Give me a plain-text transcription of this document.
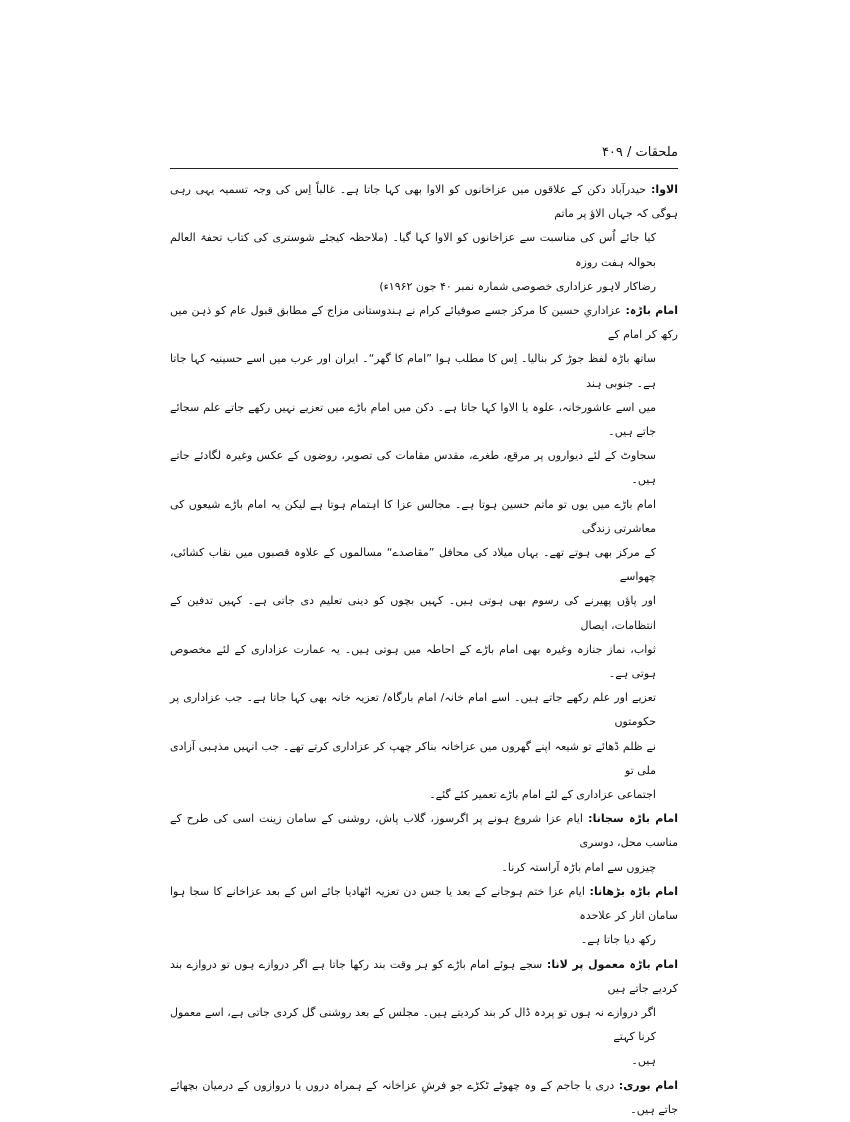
ملحقات / ۴۰۹
الاوا: حیدرآباد دکن کے علاقوں میں عزاخانوں کو الاوا بھی کہا جاتا ہے۔ غالباً اِس کی وجہ تسمیہ یہی رہی ہوگی کہ جہاں الاؤ پر ماتم
کیا جائے اُس کی مناسبت سے عزاخانوں کو الاوا کہا گیا۔ (ملاحظہ کیجئے شوستری کی کتاب تحفۃ العالم بحوالہ ہفت روزہ
رضاکار لاہور عزاداری خصوصی شمارہ نمبر ۴۰ جون ۱۹۶۲ء)
امام باڑہ: عزاداریِ حسین کا مرکز جسے صوفیائے کرام نے ہندوستانی مزاج کے مطابق قبول عام کو ذہن میں رکھ کر امام کے
ساتھ باڑہ لفظ جوڑ کر بنالیا۔ اِس کا مطلب ہوا ”امام کا گھر“۔ ایران اور عرب میں اسے حسینیہ کہا جاتا ہے۔ جنوبی ہند
میں اسے عاشورخانہ، علوہ یا الاوا کہا جاتا ہے۔ دکن میں امام باڑے میں تعزیے نہیں رکھے جاتے علم سجائے جاتے ہیں۔
سجاوٹ کے لئے دیواروں پر مرقع، طغرے، مقدس مقامات کی تصویر، روضوں کے عکس وغیرہ لگادئے جاتے ہیں۔
امام باڑے میں یوں تو ماتم حسین ہوتا ہے۔ مجالس عزا کا اہتمام ہوتا ہے لیکن یہ امام باڑے شیعوں کی معاشرتی زندگی
کے مرکز بھی ہوتے تھے۔ یہاں میلاد کی محافل ”مقاصدے“ مسالموں کے علاوہ قصبوں میں نقاب کشائی، چھواسے
اور پاؤں پھیرنے کی رسوم بھی ہوتی ہیں۔ کہیں بچوں کو دینی تعلیم دی جاتی ہے۔ کہیں تدفین کے انتظامات، ایصال
ثواب، نماز جنازہ وغیرہ بھی امام باڑے کے احاطہ میں ہوتی ہیں۔ یہ عمارت عزاداری کے لئے مخصوص ہوتی ہے۔
تعزیے اور علم رکھے جاتے ہیں۔ اسے امام خانہ/ امام بارگاہ/ تعزیہ خانہ بھی کہا جاتا ہے۔ جب عزاداری پر حکومتوں
نے ظلم ڈھائے تو شیعہ اپنے گھروں میں عزاخانہ بناکر چھپ کر عزاداری کرتے تھے۔ جب انہیں مذہبی آزادی ملی تو
اجتماعی عزاداری کے لئے امام باڑے تعمیر کئے گئے۔
امام باڑہ سجانا: ایام عزا شروع ہونے پر اگرسوز، گلاب پاش، روشنی کے سامان زینت اسی کی طرح کے مناسب محل، دوسری
چیزوں سے امام باڑہ آراستہ کرنا۔
امام باڑہ بڑھانا: ایام عزا ختم ہوجانے کے بعد یا جس دن تعزیہ اٹھادیا جائے اس کے بعد عزاخانے کا سجا ہوا سامان اتار کر علاحدہ
رکھ دیا جاتا ہے۔
امام باڑہ معمول پر لانا: سجے ہوئے امام باڑے کو ہر وقت بند رکھا جاتا ہے اگر دروازے ہوں تو دروازے بند کردیے جاتے ہیں
اگر دروازے نہ ہوں تو پردہ ڈال کر بند کردیتے ہیں۔ مجلس کے بعد روشنی گل کردی جاتی ہے، اسے معمول کرنا کہتے
ہیں۔
امام بوری: دری یا جاجم کے وہ چھوٹے ٹکڑے جو فرشِ عزاخانہ کے ہمراہ دروں یا دروازوں کے درمیان بچھائے جاتے ہیں۔
